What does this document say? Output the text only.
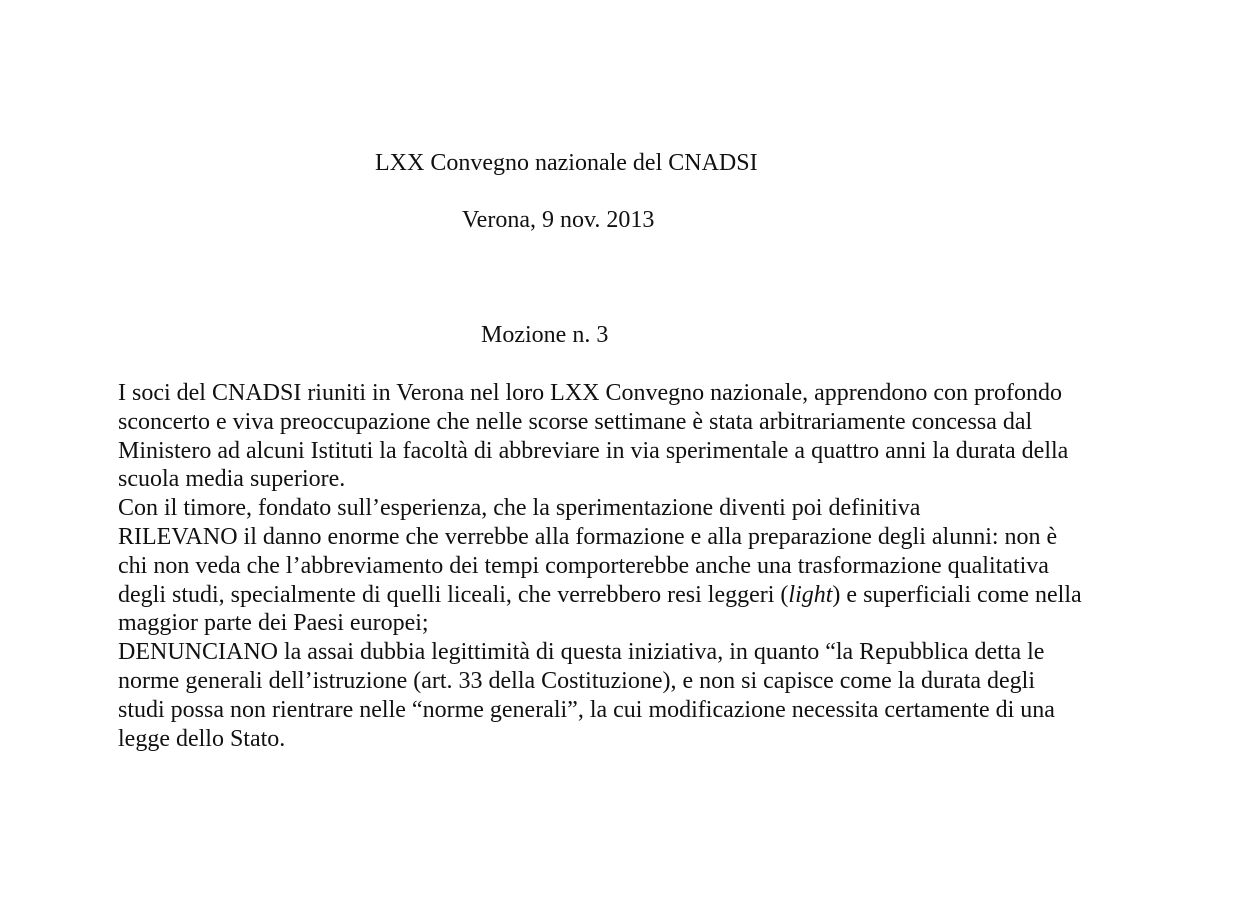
LXX Convegno nazionale del CNADSI
Verona, 9 nov. 2013
Mozione n. 3
I soci del CNADSI riuniti in Verona nel loro LXX Convegno nazionale, apprendono con profondo
sconcerto e viva preoccupazione che nelle scorse settimane è stata arbitrariamente concessa dal
Ministero ad alcuni Istituti la facoltà di abbreviare in via sperimentale a quattro anni la durata della
scuola media superiore.
Con il timore, fondato sull’esperienza, che la sperimentazione diventi poi definitiva
RILEVANO il danno enorme che verrebbe alla formazione e alla preparazione degli alunni: non è
chi non veda che l’abbreviamento dei tempi comporterebbe anche una trasformazione qualitativa
degli studi, specialmente di quelli liceali, che verrebbero resi leggeri (light) e superficiali come nella
maggior parte dei Paesi europei;
DENUNCIANO la assai dubbia legittimità di questa iniziativa, in quanto “la Repubblica detta le
norme generali dell’istruzione (art. 33 della Costituzione), e non si capisce come la durata degli
studi possa non rientrare nelle “norme generali”, la cui modificazione necessita certamente di una
legge dello Stato.
